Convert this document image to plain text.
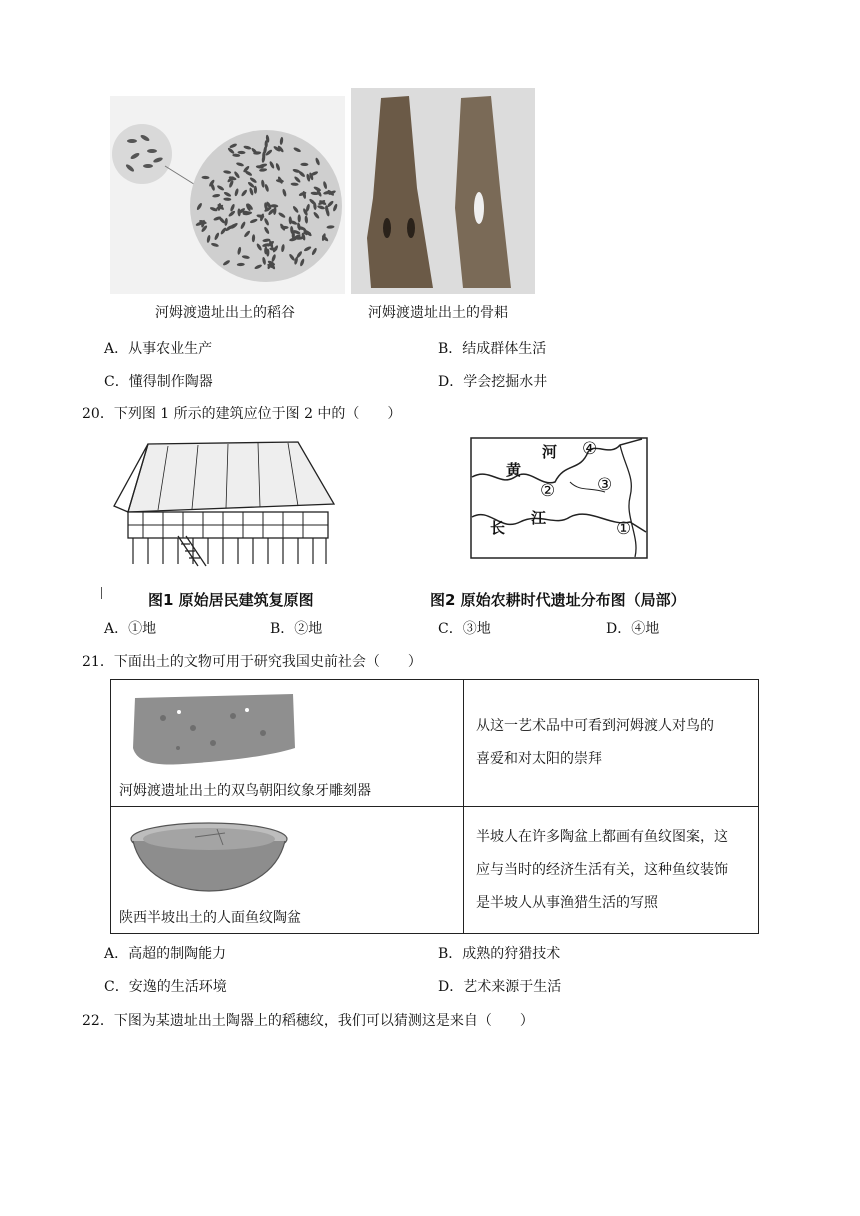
河姆渡遗址出土的稻谷	河姆渡遗址出土的骨耜
A．从事农业生产	B．结成群体生活
C．懂得制作陶器	D．学会挖掘水井
20．下列图 1 所示的建筑应位于图 2 中的（　　）
黄
河
长
江
①
② ③
④
图1 原始居民建筑复原图	图2 原始农耕时代遗址分布图（局部）
A．①地	B．②地	C．③地	D．④地
21．下面出土的文物可用于研究我国史前社会（　　）
河姆渡遗址出土的双鸟朝阳纹象牙雕刻器	从这一艺术品中可看到河姆渡人对鸟的
喜爱和对太阳的崇拜

陕西半坡出土的人面鱼纹陶盆	半坡人在许多陶盆上都画有鱼纹图案，这
应与当时的经济生活有关，这种鱼纹装饰
是半坡人从事渔猎生活的写照
A．高超的制陶能力	B．成熟的狩猎技术
C．安逸的生活环境	D．艺术来源于生活
22．下图为某遗址出土陶器上的稻穗纹，我们可以猜测这是来自（　　）
